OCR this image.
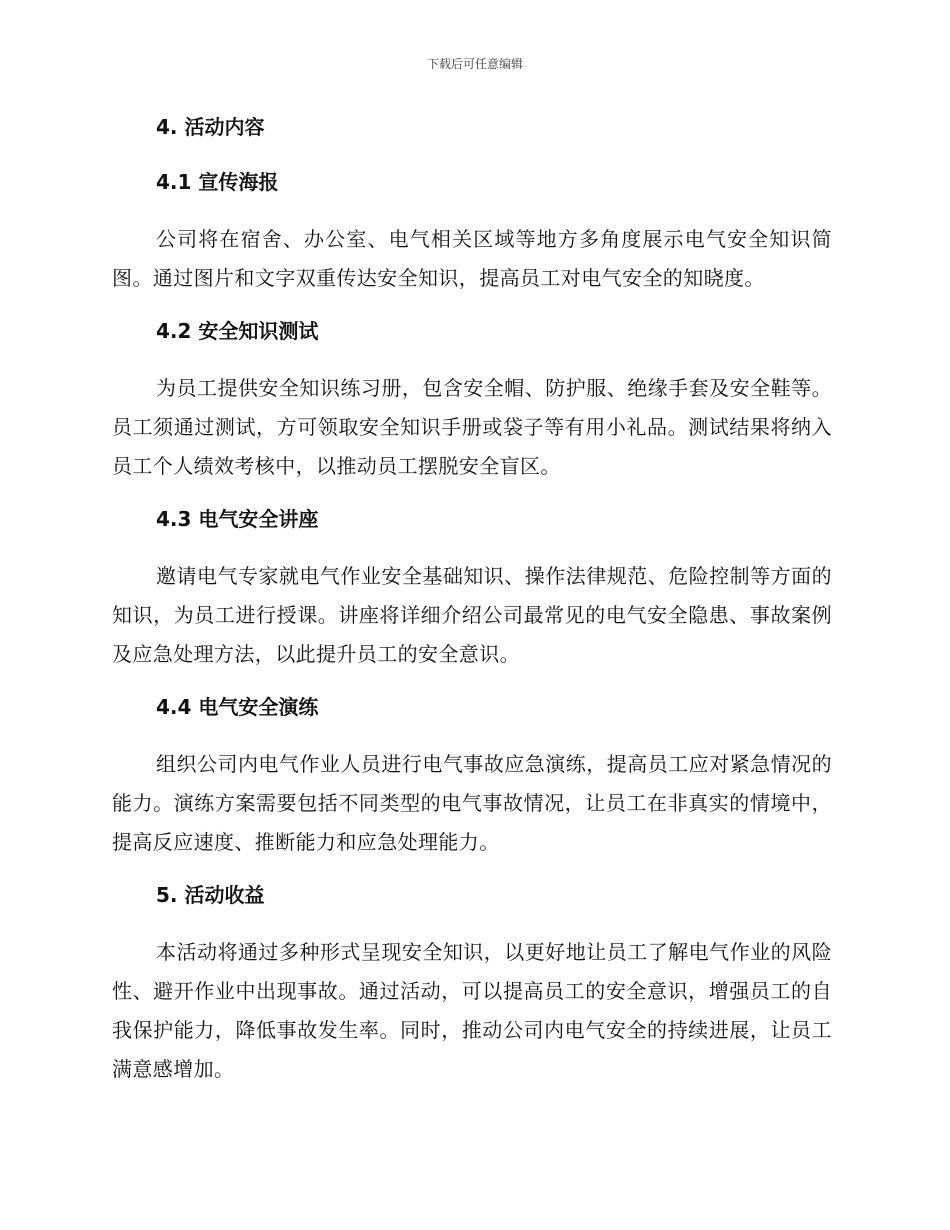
下载后可任意编辑
4. 活动内容
4.1 宣传海报

公司将在宿舍、办公室、电气相关区域等地方多角度展示电气安全知识简图。通过图片和文字双重传达安全知识，提高员工对电气安全的知晓度。

4.2 安全知识测试

为员工提供安全知识练习册，包含安全帽、防护服、绝缘手套及安全鞋等。员工须通过测试，方可领取安全知识手册或袋子等有用小礼品。测试结果将纳入员工个人绩效考核中，以推动员工摆脱安全盲区。

4.3 电气安全讲座

邀请电气专家就电气作业安全基础知识、操作法律规范、危险控制等方面的知识，为员工进行授课。讲座将详细介绍公司最常见的电气安全隐患、事故案例及应急处理方法，以此提升员工的安全意识。

4.4 电气安全演练

组织公司内电气作业人员进行电气事故应急演练，提高员工应对紧急情况的能力。演练方案需要包括不同类型的电气事故情况，让员工在非真实的情境中，提高反应速度、推断能力和应急处理能力。

5. 活动收益

本活动将通过多种形式呈现安全知识，以更好地让员工了解电气作业的风险性、避开作业中出现事故。通过活动，可以提高员工的安全意识，增强员工的自我保护能力，降低事故发生率。同时，推动公司内电气安全的持续进展，让员工满意感增加。
